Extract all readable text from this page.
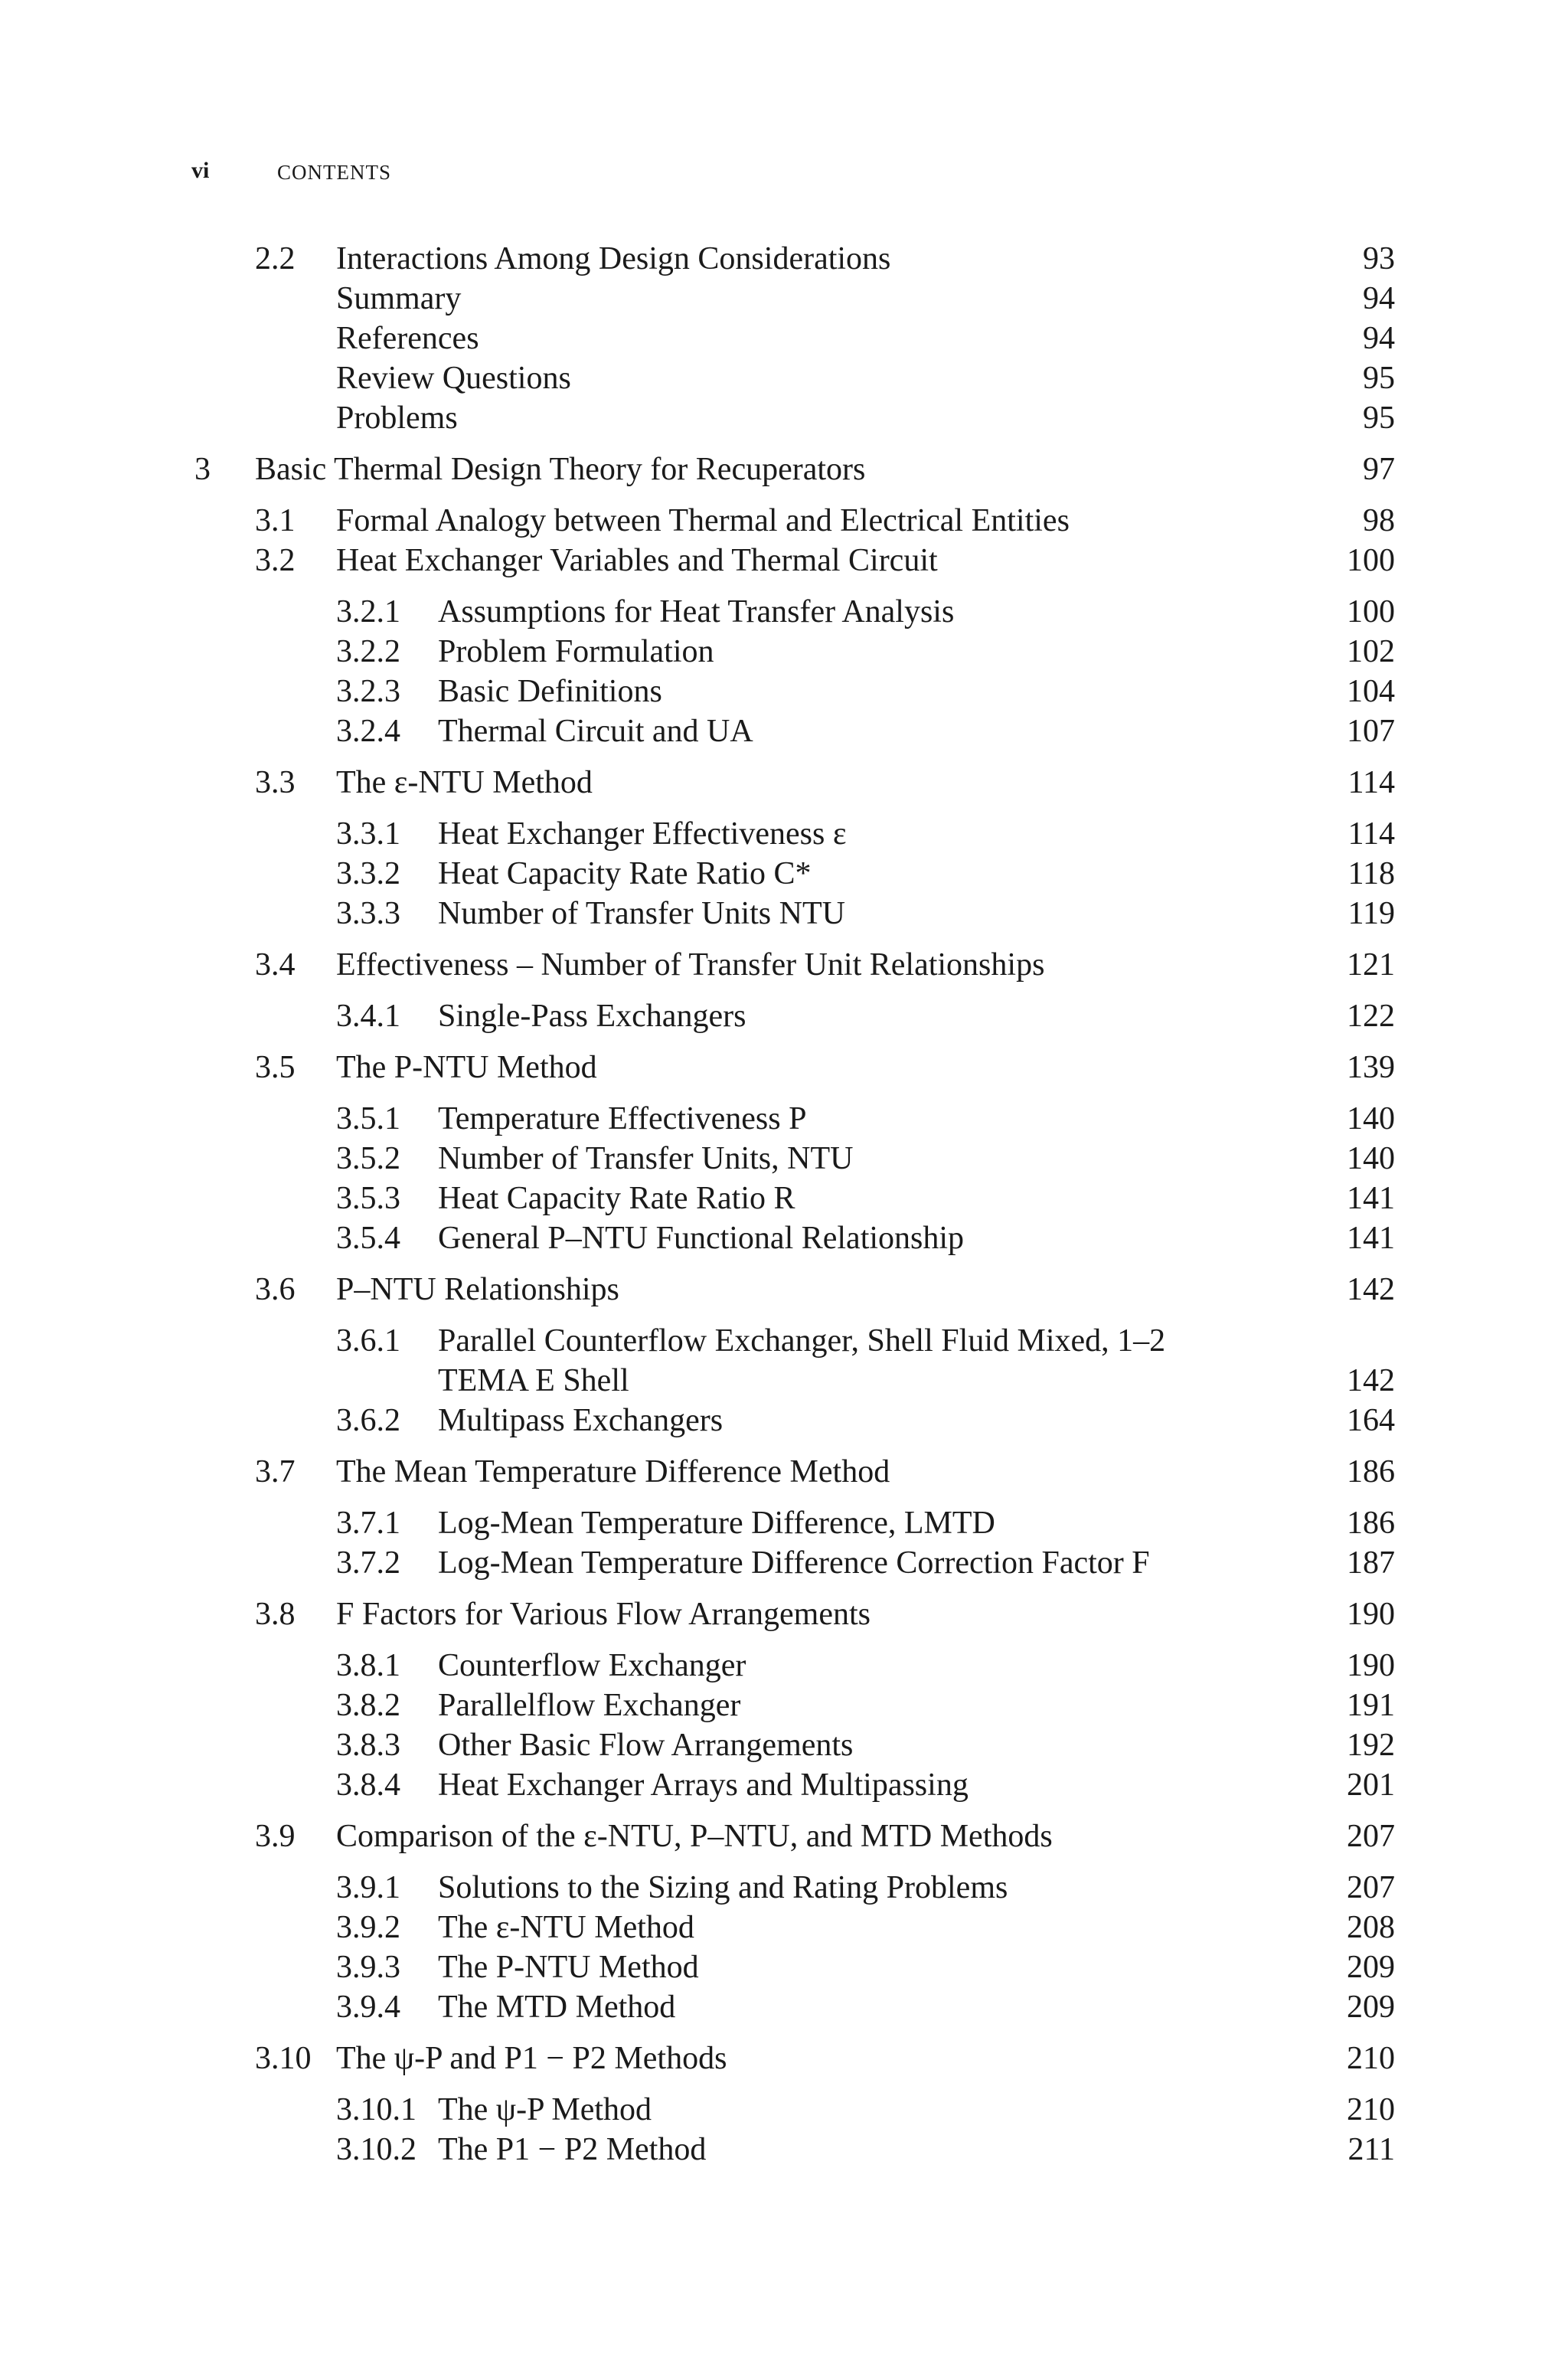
vi	CONTENTS
2.2 Interactions Among Design Considerations	93
Summary	94
References	94
Review Questions	95
Problems	95
3 Basic Thermal Design Theory for Recuperators	97
3.1 Formal Analogy between Thermal and Electrical Entities	98
3.2 Heat Exchanger Variables and Thermal Circuit	100
3.2.1 Assumptions for Heat Transfer Analysis	100
3.2.2 Problem Formulation	102
3.2.3 Basic Definitions	104
3.2.4 Thermal Circuit and UA	107
3.3 The ε-NTU Method	114
3.3.1 Heat Exchanger Effectiveness ε	114
3.3.2 Heat Capacity Rate Ratio C*	118
3.3.3 Number of Transfer Units NTU	119
3.4 Effectiveness – Number of Transfer Unit Relationships	121
3.4.1 Single-Pass Exchangers	122
3.5 The P-NTU Method	139
3.5.1 Temperature Effectiveness P	140
3.5.2 Number of Transfer Units, NTU	140
3.5.3 Heat Capacity Rate Ratio R	141
3.5.4 General P–NTU Functional Relationship	141
3.6 P–NTU Relationships	142
3.6.1 Parallel Counterflow Exchanger, Shell Fluid Mixed, 1–2
TEMA E Shell	142
3.6.2 Multipass Exchangers	164
3.7 The Mean Temperature Difference Method	186
3.7.1 Log-Mean Temperature Difference, LMTD	186
3.7.2 Log-Mean Temperature Difference Correction Factor F	187
3.8 F Factors for Various Flow Arrangements	190
3.8.1 Counterflow Exchanger	190
3.8.2 Parallelflow Exchanger	191
3.8.3 Other Basic Flow Arrangements	192
3.8.4 Heat Exchanger Arrays and Multipassing	201
3.9 Comparison of the ε-NTU, P–NTU, and MTD Methods	207
3.9.1 Solutions to the Sizing and Rating Problems	207
3.9.2 The ε-NTU Method	208
3.9.3 The P-NTU Method	209
3.9.4 The MTD Method	209
3.10 The ψ-P and P1 − P2 Methods	210
3.10.1 The ψ-P Method	210
3.10.2 The P1 − P2 Method	211
